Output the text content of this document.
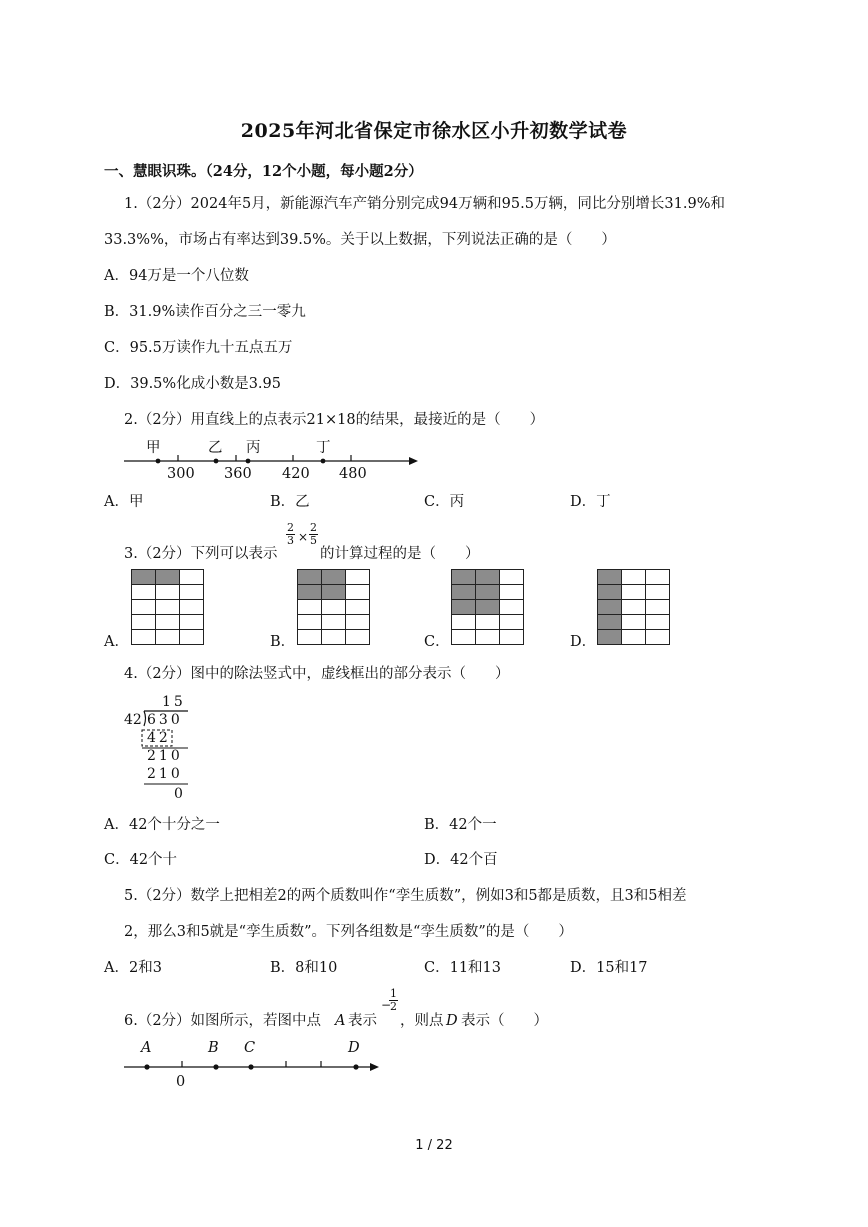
2025年河北省保定市徐水区小升初数学试卷
一、慧眼识珠。（24分，12个小题，每小题2分）
1.（2分）2024年5月，新能源汽车产销分别完成94万辆和95.5万辆，同比分别增长31.9%和
33.3%%，市场占有率达到39.5%。关于以上数据，下列说法正确的是（　　）
A．94万是一个八位数
B．31.9%读作百分之三一零九
C．95.5万读作九十五点五万
D．39.5%化成小数是3.95
2.（2分）用直线上的点表示21×18的结果，最接近的是（　　）
甲	乙 丙	丁
300 360 420 480
A．甲	B．乙	C．丙	D．丁
3.（2分）下列可以表示
$\frac{2}{3} \times \frac{2}{5}$
的计算过程的是（　　）

A．	B．	C．	D．
4.（2分）图中的除法竖式中，虚线框出的部分表示（　　）
15
42 630
42
210
210
0
A．42个十分之一	B．42个一
C．42个十	D．42个百
5.（2分）数学上把相差2的两个质数叫作“孪生质数”，例如3和5都是质数，且3和5相差
2，那么3和5就是“孪生质数”。下列各组数是“孪生质数”的是（　　）
A．2和3	B．8和10	C．11和13	D．15和17
6.（2分）如图所示，若图中点 A 表示
−
$\frac{1}{2}$
，则点 D 表示（　　）
A	B C	D
0
1 / 22
